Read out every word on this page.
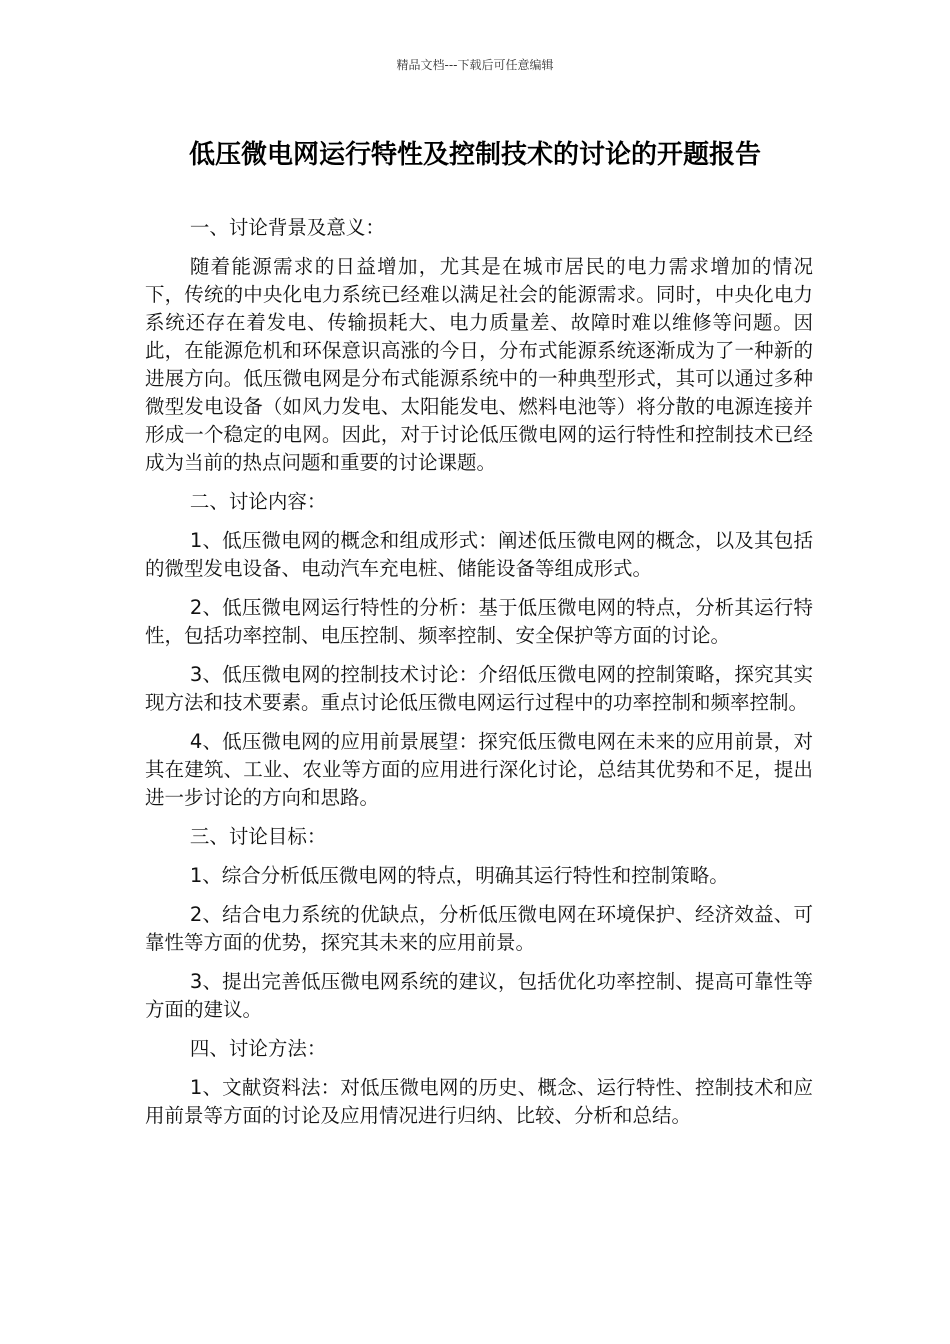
精品文档---下载后可任意编辑
低压微电网运行特性及控制技术的讨论的开题报告

一、讨论背景及意义：

随着能源需求的日益增加，尤其是在城市居民的电力需求增加的情况下，传统的中央化电力系统已经难以满足社会的能源需求。同时，中央化电力系统还存在着发电、传输损耗大、电力质量差、故障时难以维修等问题。因此，在能源危机和环保意识高涨的今日，分布式能源系统逐渐成为了一种新的进展方向。低压微电网是分布式能源系统中的一种典型形式，其可以通过多种微型发电设备（如风力发电、太阳能发电、燃料电池等）将分散的电源连接并形成一个稳定的电网。因此，对于讨论低压微电网的运行特性和控制技术已经成为当前的热点问题和重要的讨论课题。

二、讨论内容：

1、低压微电网的概念和组成形式：阐述低压微电网的概念，以及其包括的微型发电设备、电动汽车充电桩、储能设备等组成形式。

2、低压微电网运行特性的分析：基于低压微电网的特点，分析其运行特性，包括功率控制、电压控制、频率控制、安全保护等方面的讨论。

3、低压微电网的控制技术讨论：介绍低压微电网的控制策略，探究其实现方法和技术要素。重点讨论低压微电网运行过程中的功率控制和频率控制。

4、低压微电网的应用前景展望：探究低压微电网在未来的应用前景，对其在建筑、工业、农业等方面的应用进行深化讨论，总结其优势和不足，提出进一步讨论的方向和思路。

三、讨论目标：

1、综合分析低压微电网的特点，明确其运行特性和控制策略。

2、结合电力系统的优缺点，分析低压微电网在环境保护、经济效益、可靠性等方面的优势，探究其未来的应用前景。

3、提出完善低压微电网系统的建议，包括优化功率控制、提高可靠性等方面的建议。

四、讨论方法：

1、文献资料法：对低压微电网的历史、概念、运行特性、控制技术和应用前景等方面的讨论及应用情况进行归纳、比较、分析和总结。
